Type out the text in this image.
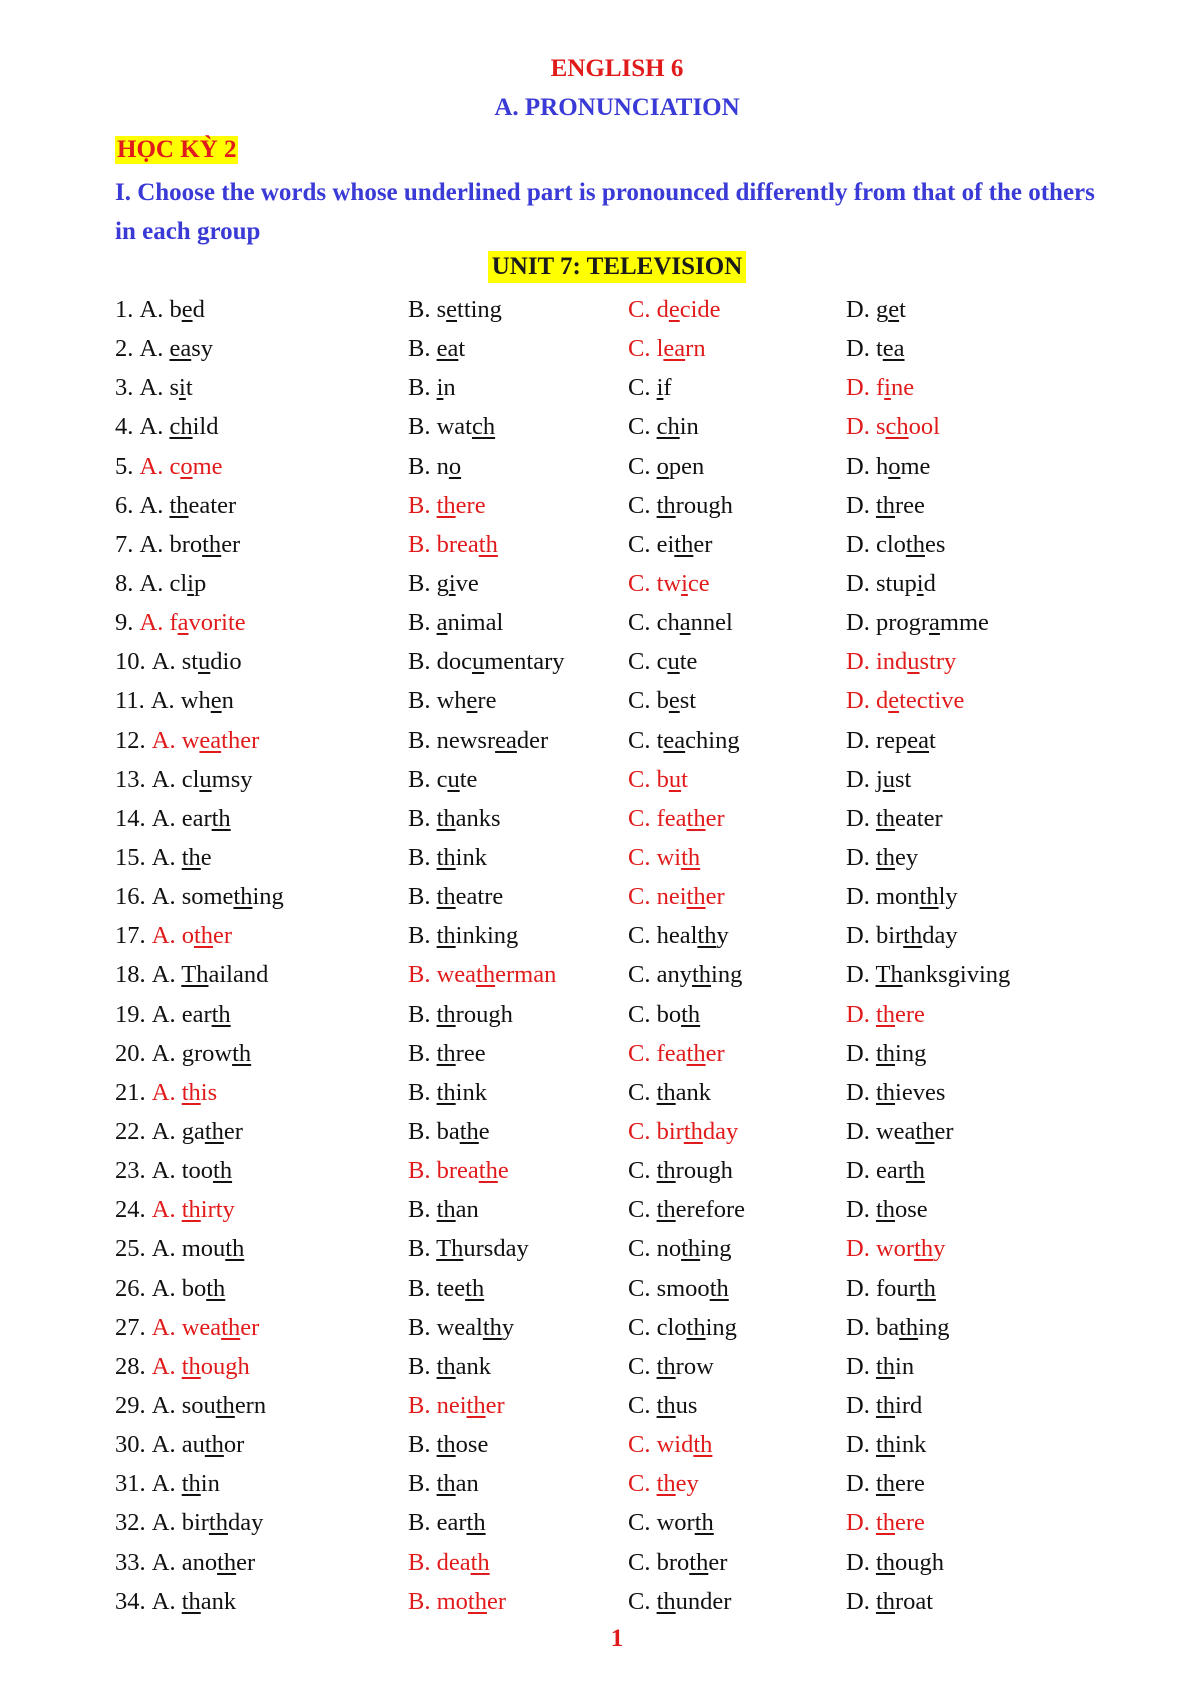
ENGLISH 6
A. PRONUNCIATION
HỌC KỲ 2
I. Choose the words whose underlined part is pronounced differently from that of the others in each group
UNIT 7: TELEVISION
1. A. bed	B. setting	C. decide	D. get
2. A. easy	B. eat	C. learn	D. tea
3. A. sit	B. in	C. if	D. fine
4. A. child	B. watch	C. chin	D. school
5. A. come	B. no	C. open	D. home
6. A. theater	B. there	C. through	D. three
7. A. brother	B. breath	C. either	D. clothes
8. A. clip	B. give	C. twice	D. stupid
9. A. favorite	B. animal	C. channel	D. programme
10. A. studio	B. documentary	C. cute	D. industry
11. A. when	B. where	C. best	D. detective
12. A. weather	B. newsreader	C. teaching	D. repeat
13. A. clumsy	B. cute	C. but	D. just
14. A. earth	B. thanks	C. feather	D. theater
15. A. the	B. think	C. with	D. they
16. A. something	B. theatre	C. neither	D. monthly
17. A. other	B. thinking	C. healthy	D. birthday
18. A. Thailand	B. weatherman	C. anything	D. Thanksgiving
19. A. earth	B. through	C. both	D. there
20. A. growth	B. three	C. feather	D. thing
21. A. this	B. think	C. thank	D. thieves
22. A. gather	B. bathe	C. birthday	D. weather
23. A. tooth	B. breathe	C. through	D. earth
24. A. thirty	B. than	C. therefore	D. those
25. A. mouth	B. Thursday	C. nothing	D. worthy
26. A. both	B. teeth	C. smooth	D. fourth
27. A. weather	B. wealthy	C. clothing	D. bathing
28. A. though	B. thank	C. throw	D. thin
29. A. southern	B. neither	C. thus	D. third
30. A. author	B. those	C. width	D. think
31. A. thin	B. than	C. they	D. there
32. A. birthday	B. earth	C. worth	D. there
33. A. another	B. death	C. brother	D. though
34. A. thank	B. mother	C. thunder	D. throat
1
